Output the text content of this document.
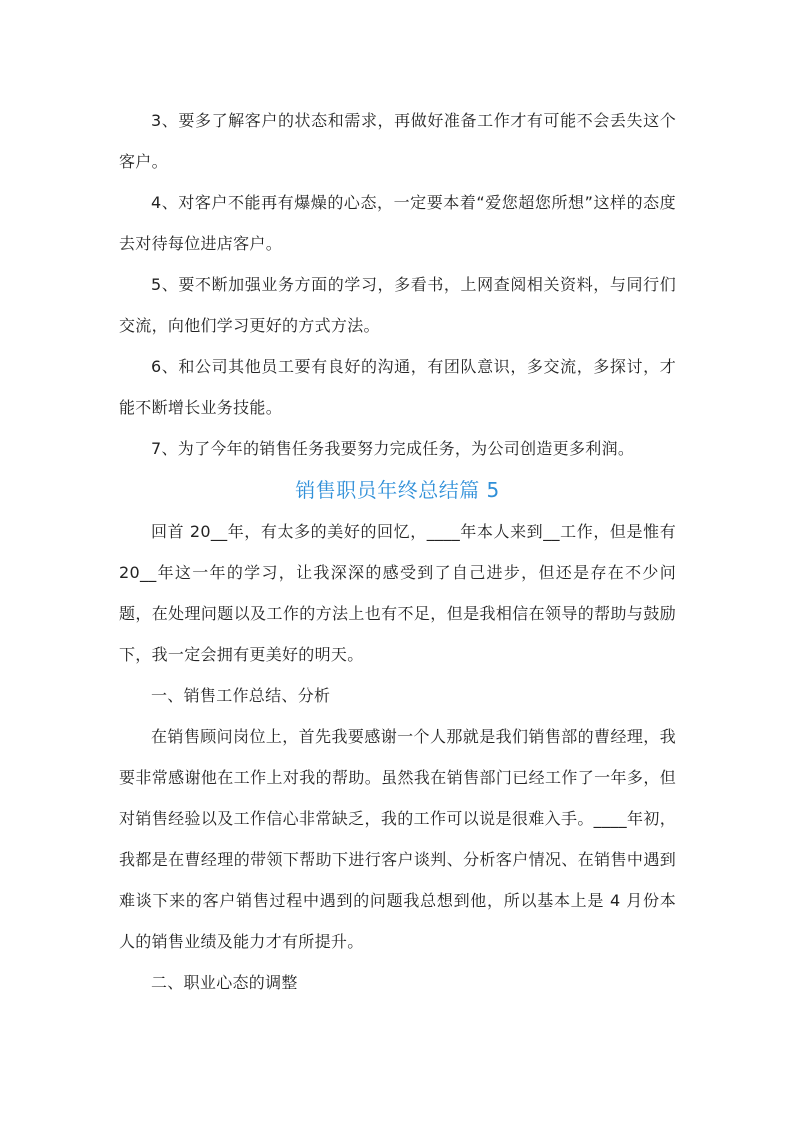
3、要多了解客户的状态和需求，再做好准备工作才有可能不会丢失这个客户。

4、对客户不能再有爆燥的心态，一定要本着“爱您超您所想”这样的态度去对待每位进店客户。

5、要不断加强业务方面的学习，多看书，上网查阅相关资料，与同行们交流，向他们学习更好的方式方法。

6、和公司其他员工要有良好的沟通，有团队意识，多交流，多探讨，才能不断增长业务技能。

7、为了今年的销售任务我要努力完成任务，为公司创造更多利润。

销售职员年终总结篇 5

回首 20__年，有太多的美好的回忆，____年本人来到__工作，但是惟有 20__年这一年的学习，让我深深的感受到了自己进步，但还是存在不少问题，在处理问题以及工作的方法上也有不足，但是我相信在领导的帮助与鼓励下，我一定会拥有更美好的明天。

一、销售工作总结、分析

在销售顾问岗位上，首先我要感谢一个人那就是我们销售部的曹经理，我要非常感谢他在工作上对我的帮助。虽然我在销售部门已经工作了一年多，但对销售经验以及工作信心非常缺乏，我的工作可以说是很难入手。____年初，我都是在曹经理的带领下帮助下进行客户谈判、分析客户情况、在销售中遇到难谈下来的客户销售过程中遇到的问题我总想到他，所以基本上是 4 月份本人的销售业绩及能力才有所提升。

二、职业心态的调整
